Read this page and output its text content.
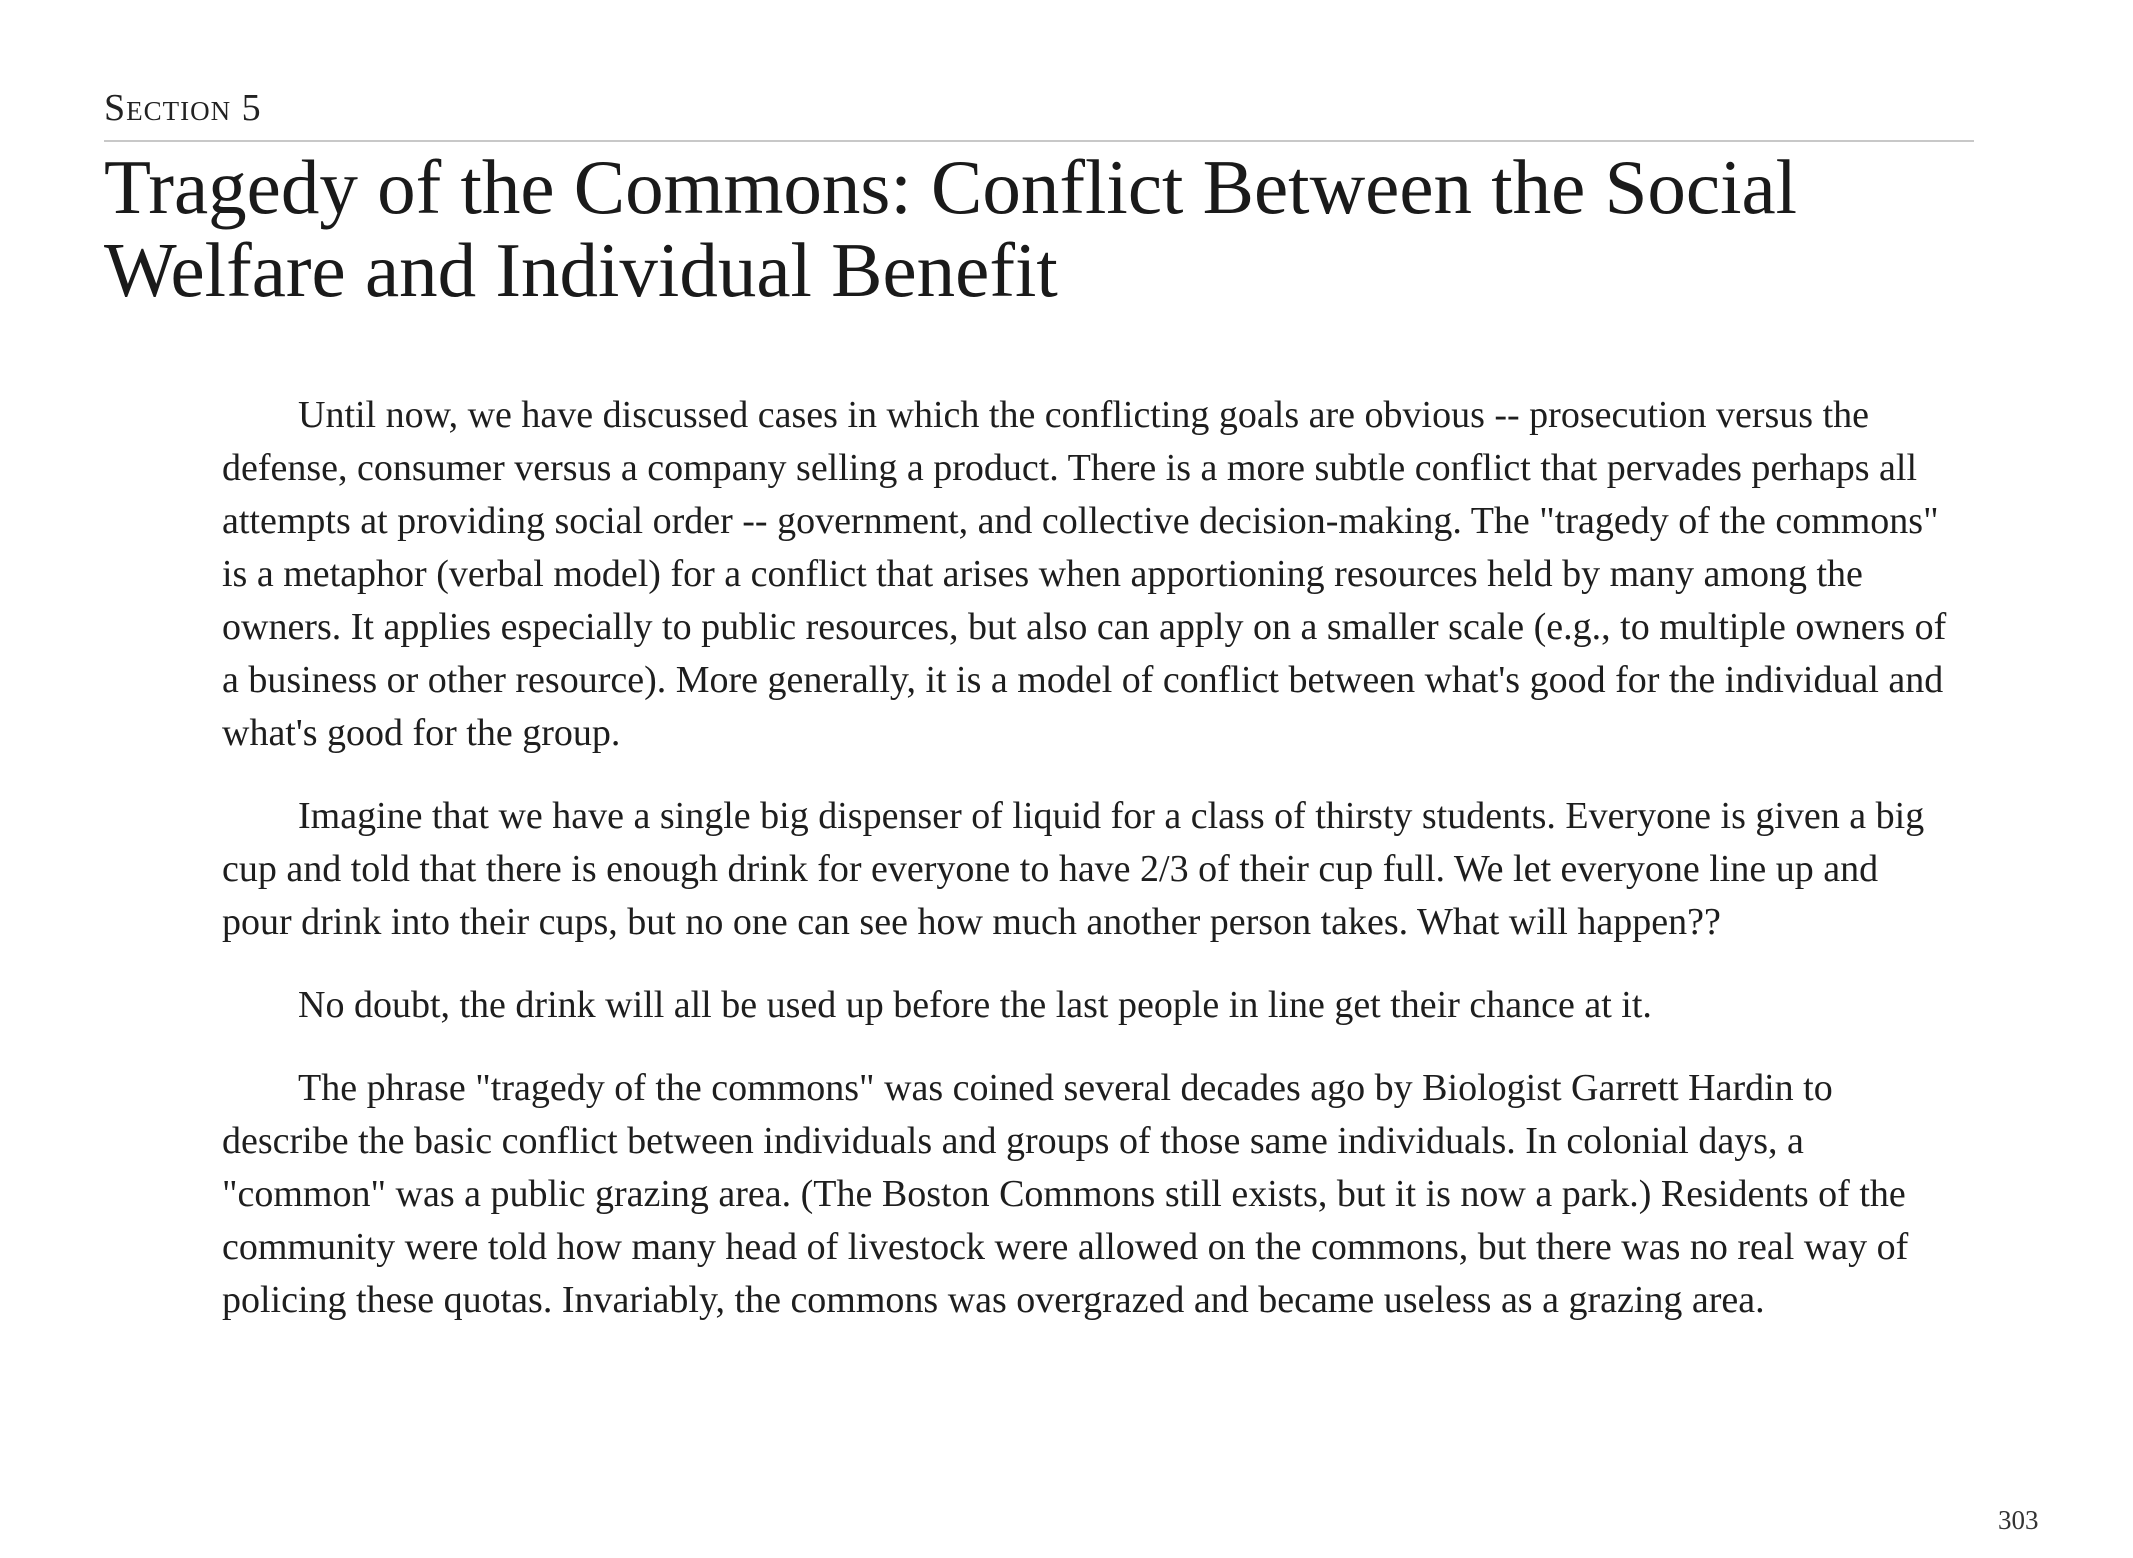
Section 5
Tragedy of the Commons: Conflict Between the Social Welfare and Individual Benefit

Until now, we have discussed cases in which the conflicting goals are obvious -- prosecution versus the defense, consumer versus a company selling a product. There is a more subtle conflict that pervades perhaps all attempts at providing social order -- government, and collective decision-making. The "tragedy of the commons" is a metaphor (verbal model) for a conflict that arises when apportioning resources held by many among the owners. It applies especially to public resources, but also can apply on a smaller scale (e.g., to multiple owners of a business or other resource). More generally, it is a model of conflict between what's good for the individual and what's good for the group.

Imagine that we have a single big dispenser of liquid for a class of thirsty students. Everyone is given a big cup and told that there is enough drink for everyone to have 2/3 of their cup full. We let everyone line up and pour drink into their cups, but no one can see how much another person takes. What will happen??

No doubt, the drink will all be used up before the last people in line get their chance at it.

The phrase "tragedy of the commons" was coined several decades ago by Biologist Garrett Hardin to describe the basic conflict between individuals and groups of those same individuals. In colonial days, a "common" was a public grazing area. (The Boston Commons still exists, but it is now a park.) Residents of the community were told how many head of livestock were allowed on the commons, but there was no real way of policing these quotas. Invariably, the commons was overgrazed and became useless as a grazing area.

303
